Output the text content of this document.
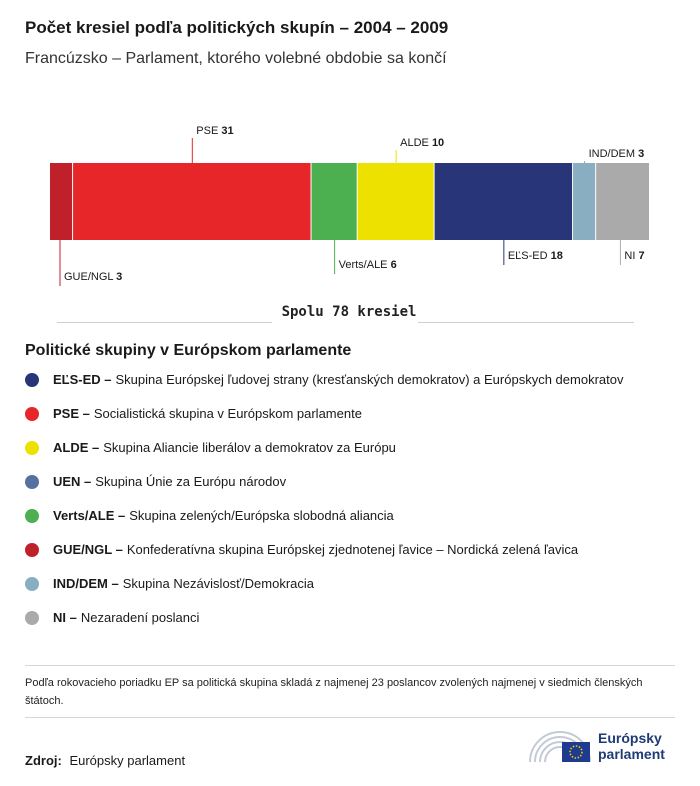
Počet kresiel podľa politických skupín – 2004 – 2009
Francúzsko – Parlament, ktorého volebné obdobie sa končí
GUE/NGL 3
PSE 31
Verts/ALE 6
ALDE 10
EĽS-ED 18
IND/DEM 3
NI 7
Spolu 78 kresiel
Politické skupiny v Európskom parlamente
EĽS-ED – Skupina Európskej ľudovej strany (kresťanských demokratov) a Európskych demokratov
PSE – Socialistická skupina v Európskom parlamente
ALDE – Skupina Aliancie liberálov a demokratov za Európu
UEN – Skupina Únie za Európu národov
Verts/ALE – Skupina zelených/Európska slobodná aliancia
GUE/NGL – Konfederatívna skupina Európskej zjednotenej ľavice – Nordická zelená ľavica
IND/DEM – Skupina Nezávislosť/Demokracia
NI – Nezaradení poslanci
Podľa rokovacieho poriadku EP sa politická skupina skladá z najmenej 23 poslancov zvolených najmenej v siedmich členských štátoch.
Zdroj: Európsky parlament
Európsky
parlament
